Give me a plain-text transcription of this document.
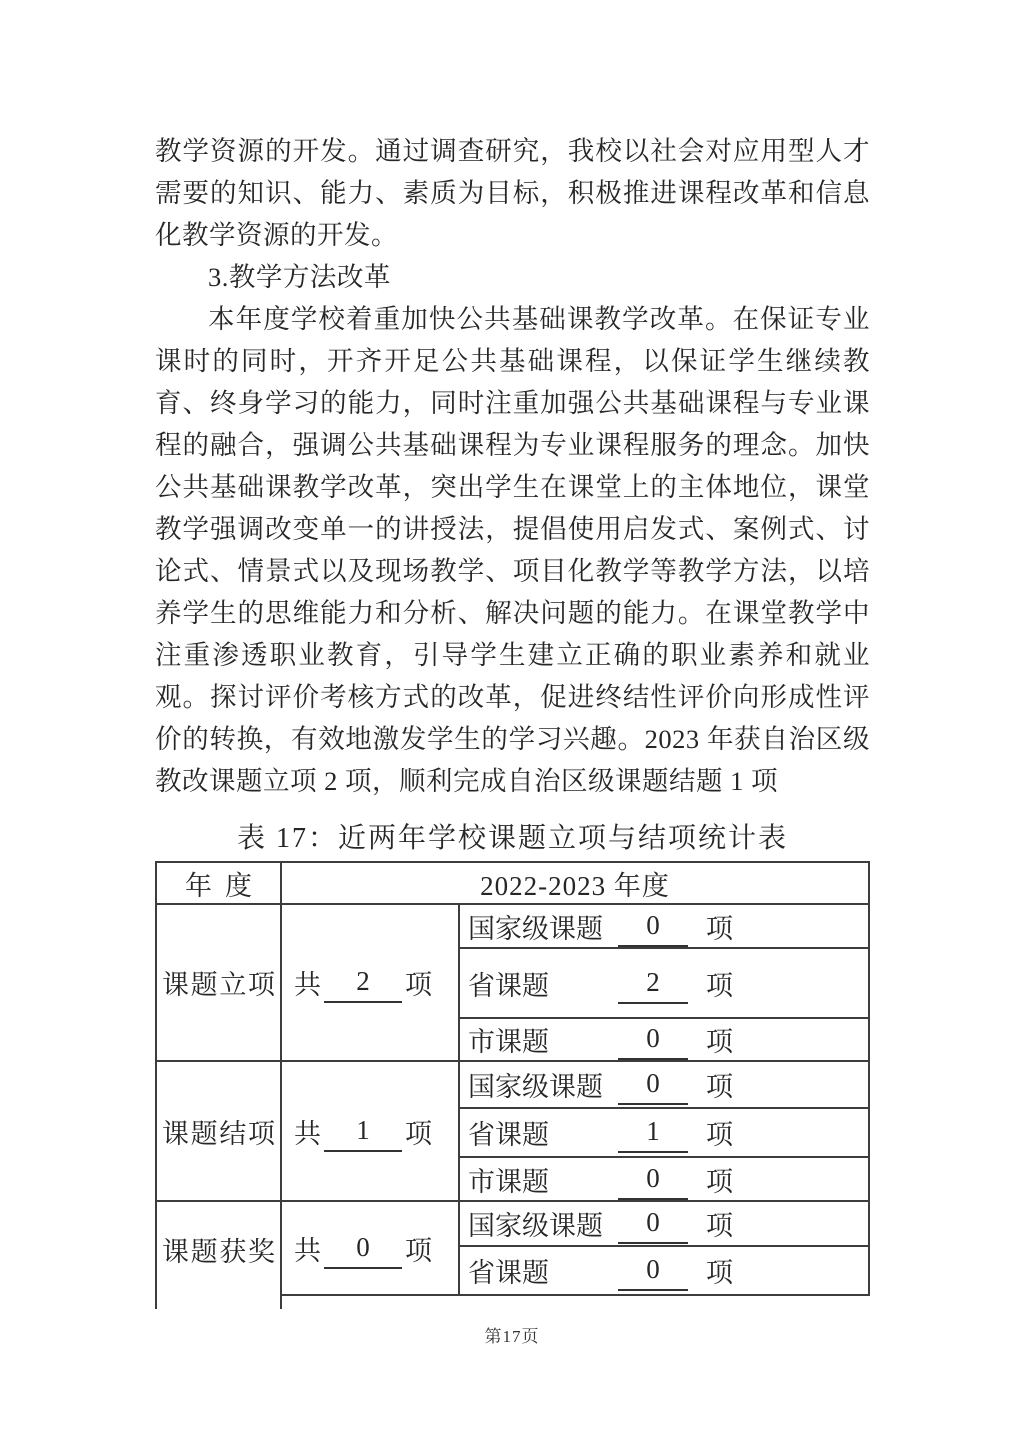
教学资源的开发。通过调查研究，我校以社会对应用型人才需要的知识、能力、素质为目标，积极推进课程改革和信息化教学资源的开发。

3.教学方法改革

本年度学校着重加快公共基础课教学改革。在保证专业课时的同时，开齐开足公共基础课程，以保证学生继续教育、终身学习的能力，同时注重加强公共基础课程与专业课程的融合，强调公共基础课程为专业课程服务的理念。加快公共基础课教学改革，突出学生在课堂上的主体地位，课堂教学强调改变单一的讲授法，提倡使用启发式、案例式、讨论式、情景式以及现场教学、项目化教学等教学方法，以培养学生的思维能力和分析、解决问题的能力。在课堂教学中注重渗透职业教育，引导学生建立正确的职业素养和就业观。探讨评价考核方式的改革，促进终结性评价向形成性评价的转换，有效地激发学生的学习兴趣。2023 年获自治区级教改课题立项 2 项，顺利完成自治区级课题结题 1 项

表 17：近两年学校课题立项与结项统计表
年度	2022-2023 年度
课题立项 共	2	项
国家级课题	0	项
省课题	2	项
市课题	0	项
课题结项 共	1	项
国家级课题	0	项
省课题	1	项
市课题	0	项
课题获奖 共	0	项
国家级课题	0	项
省课题	0	项
第17页
